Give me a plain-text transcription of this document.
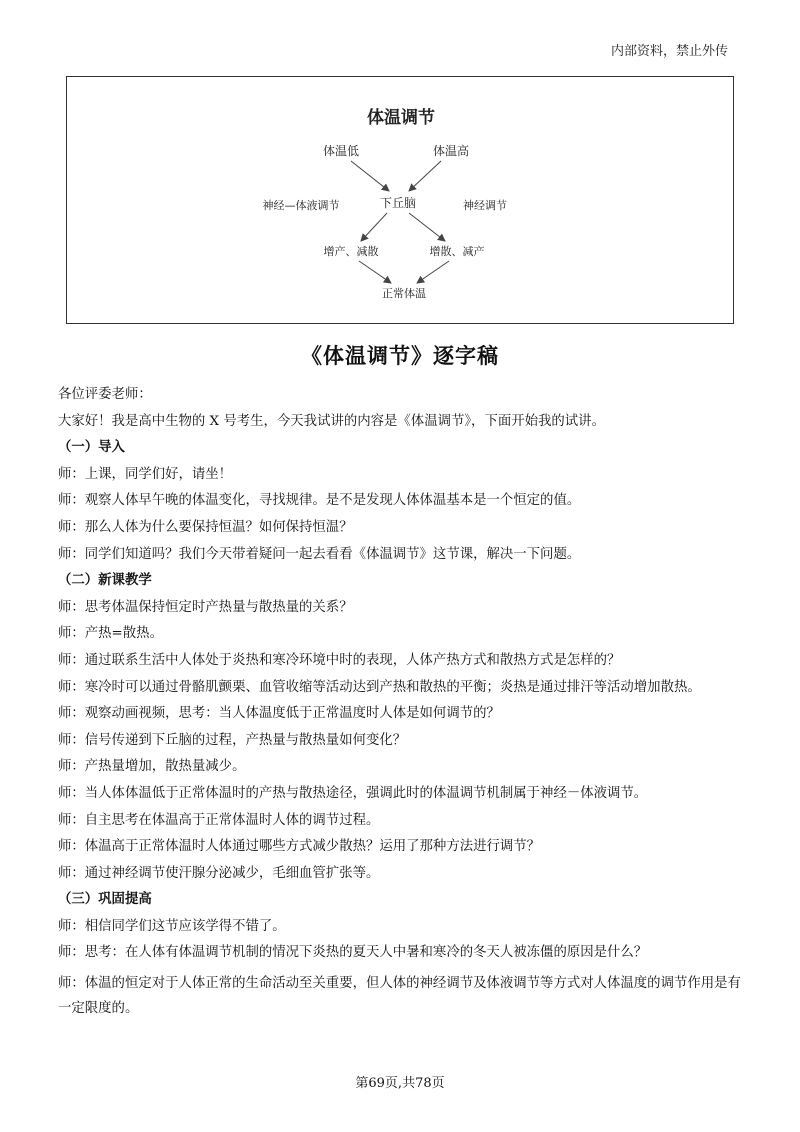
内部资料，禁止外传
体温调节
体温低	体温高
下丘脑
神经—体液调节	神经调节
增产、减散	增散、减产
正常体温
《体温调节》逐字稿
各位评委老师：
大家好！我是高中生物的 X 号考生，今天我试讲的内容是《体温调节》，下面开始我的试讲。
（一）导入
师：上课，同学们好，请坐！
师：观察人体早午晚的体温变化，寻找规律。是不是发现人体体温基本是一个恒定的值。
师：那么人体为什么要保持恒温？如何保持恒温？
师：同学们知道吗？我们今天带着疑问一起去看看《体温调节》这节课，解决一下问题。
（二）新课教学
师：思考体温保持恒定时产热量与散热量的关系？
师：产热=散热。
师：通过联系生活中人体处于炎热和寒冷环境中时的表现，人体产热方式和散热方式是怎样的？
师：寒冷时可以通过骨骼肌颤栗、血管收缩等活动达到产热和散热的平衡；炎热是通过排汗等活动增加散热。
师：观察动画视频，思考：当人体温度低于正常温度时人体是如何调节的？
师：信号传递到下丘脑的过程，产热量与散热量如何变化？
师：产热量增加，散热量减少。
师：当人体体温低于正常体温时的产热与散热途径，强调此时的体温调节机制属于神经－体液调节。
师：自主思考在体温高于正常体温时人体的调节过程。
师：体温高于正常体温时人体通过哪些方式减少散热？运用了那种方法进行调节？
师：通过神经调节使汗腺分泌减少，毛细血管扩张等。
（三）巩固提高
师：相信同学们这节应该学得不错了。
师：思考：在人体有体温调节机制的情况下炎热的夏天人中暑和寒冷的冬天人被冻僵的原因是什么？
师：体温的恒定对于人体正常的生命活动至关重要，但人体的神经调节及体液调节等方式对人体温度的调节作用是有一定限度的。
第69页,共78页
